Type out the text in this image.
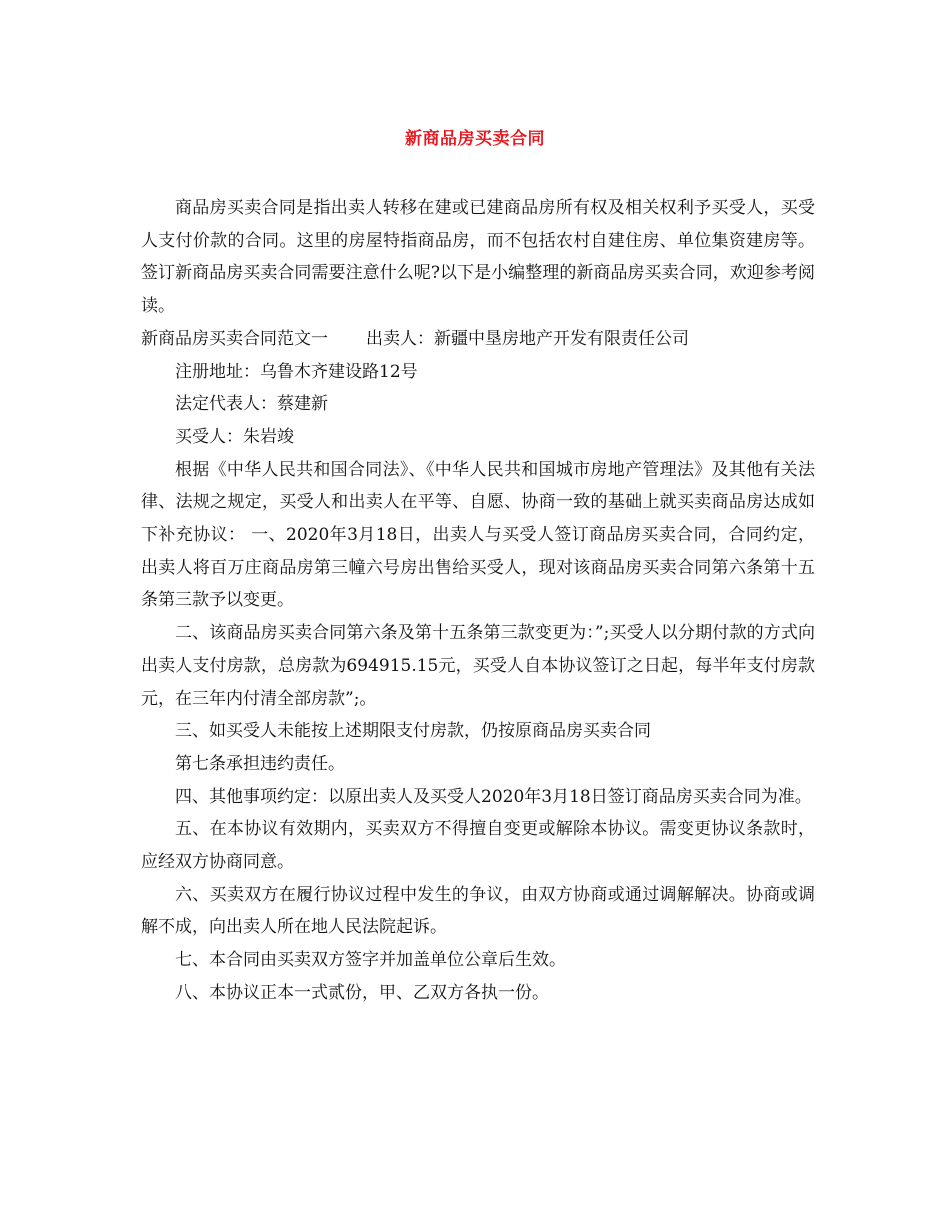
新商品房买卖合同

商品房买卖合同是指出卖人转移在建或已建商品房所有权及相关权利予买受人，买受人支付价款的合同。这里的房屋特指商品房，而不包括农村自建住房、单位集资建房等。签订新商品房买卖合同需要注意什么呢?以下是小编整理的新商品房买卖合同，欢迎参考阅读。

新商品房买卖合同范文一 出卖人：新疆中垦房地产开发有限责任公司

注册地址：乌鲁木齐建设路12号

法定代表人：蔡建新

买受人：朱岩竣

根据《中华人民共和国合同法》、《中华人民共和国城市房地产管理法》及其他有关法律、法规之规定，买受人和出卖人在平等、自愿、协商一致的基础上就买卖商品房达成如下补充协议： 一、2020年3月18日，出卖人与买受人签订商品房买卖合同，合同约定，出卖人将百万庄商品房第三幢六号房出售给买受人，现对该商品房买卖合同第六条第十五条第三款予以变更。

二、该商品房买卖合同第六条及第十五条第三款变更为：”;买受人以分期付款的方式向出卖人支付房款，总房款为694915.15元，买受人自本协议签订之日起，每半年支付房款 元，在三年内付清全部房款”;。

三、如买受人未能按上述期限支付房款，仍按原商品房买卖合同

第七条承担违约责任。

四、其他事项约定：以原出卖人及买受人2020年3月18日签订商品房买卖合同为准。

五、在本协议有效期内，买卖双方不得擅自变更或解除本协议。需变更协议条款时，应经双方协商同意。

六、买卖双方在履行协议过程中发生的争议，由双方协商或通过调解解决。协商或调解不成，向出卖人所在地人民法院起诉。

七、本合同由买卖双方签字并加盖单位公章后生效。

八、本协议正本一式贰份，甲、乙双方各执一份。
